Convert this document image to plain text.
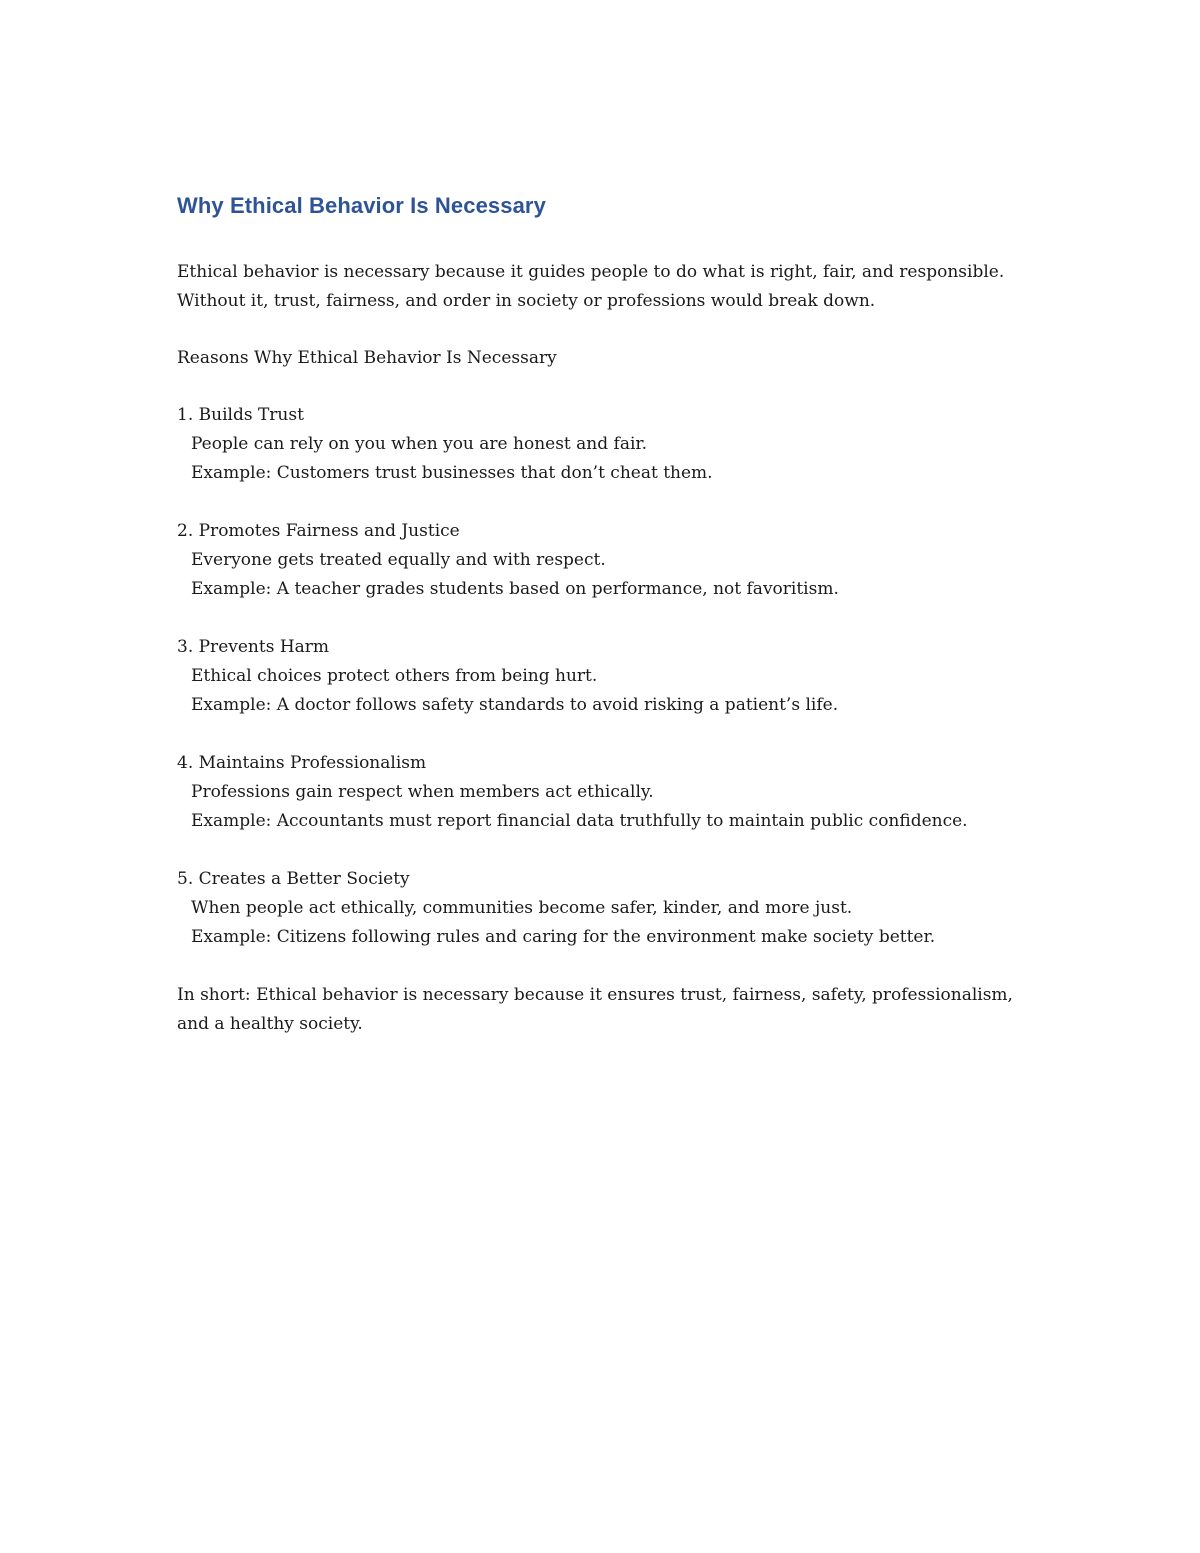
Why Ethical Behavior Is Necessary

Ethical behavior is necessary because it guides people to do what is right, fair, and responsible. Without it, trust, fairness, and order in society or professions would break down.

Reasons Why Ethical Behavior Is Necessary

1. Builds Trust

People can rely on you when you are honest and fair.

Example: Customers trust businesses that don’t cheat them.

2. Promotes Fairness and Justice

Everyone gets treated equally and with respect.

Example: A teacher grades students based on performance, not favoritism.

3. Prevents Harm

Ethical choices protect others from being hurt.

Example: A doctor follows safety standards to avoid risking a patient’s life.

4. Maintains Professionalism

Professions gain respect when members act ethically.

Example: Accountants must report financial data truthfully to maintain public confidence.

5. Creates a Better Society

When people act ethically, communities become safer, kinder, and more just.

Example: Citizens following rules and caring for the environment make society better.

In short: Ethical behavior is necessary because it ensures trust, fairness, safety, professionalism, and a healthy society.
